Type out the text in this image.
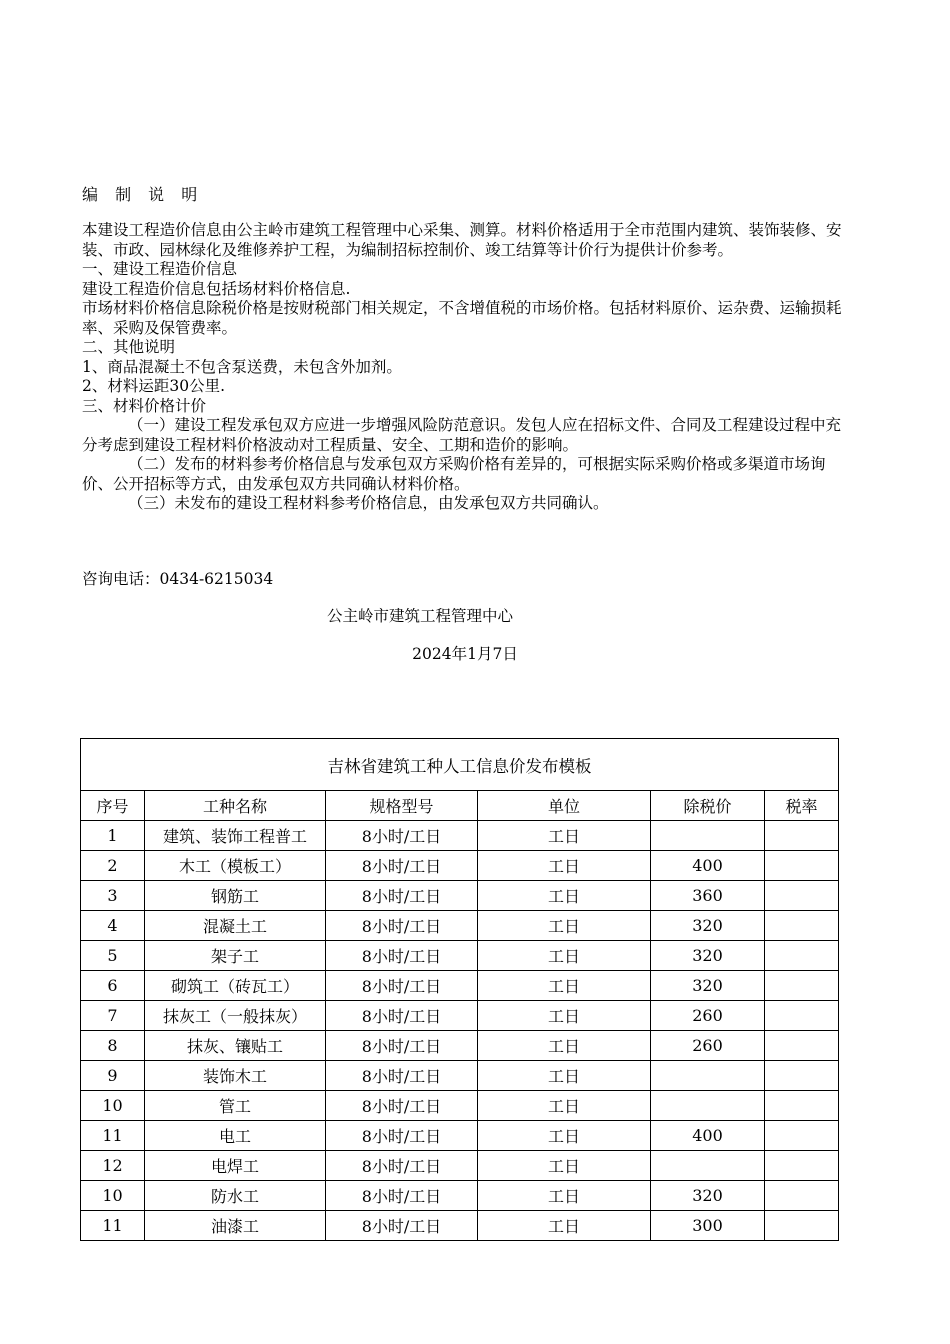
编 制 说 明
本建设工程造价信息由公主岭市建筑工程管理中心采集、测算。材料价格适用于全市范围内建筑、装饰装修、安装、市政、园林绿化及维修养护工程，为编制招标控制价、竣工结算等计价行为提供计价参考。
一、建设工程造价信息
建设工程造价信息包括场材料价格信息.
市场材料价格信息除税价格是按财税部门相关规定，不含增值税的市场价格。包括材料原价、运杂费、运输损耗率、采购及保管费率。
二、其他说明
1、商品混凝土不包含泵送费，未包含外加剂。
2、材料运距30公里.
三、材料价格计价
（一）建设工程发承包双方应进一步增强风险防范意识。发包人应在招标文件、合同及工程建设过程中充分考虑到建设工程材料价格波动对工程质量、安全、工期和造价的影响。
（二）发布的材料参考价格信息与发承包双方采购价格有差异的，可根据实际采购价格或多渠道市场询价、公开招标等方式，由发承包双方共同确认材料价格。
（三）未发布的建设工程材料参考价格信息，由发承包双方共同确认。
咨询电话：0434-6215034
公主岭市建筑工程管理中心
2024年1月7日
吉林省建筑工种人工信息价发布模板					
序号	工种名称	规格型号	单位	除税价	税率
1	建筑、装饰工程普工	8小时/工日	工日		
2	木工（模板工）	8小时/工日	工日	400	
3	钢筋工	8小时/工日	工日	360	
4	混凝土工	8小时/工日	工日	320	
5	架子工	8小时/工日	工日	320	
6	砌筑工（砖瓦工）	8小时/工日	工日	320	
7	抹灰工（一般抹灰）	8小时/工日	工日	260	
8	抹灰、镶贴工	8小时/工日	工日	260	
9	装饰木工	8小时/工日	工日		
10	管工	8小时/工日	工日		
11	电工	8小时/工日	工日	400	
12	电焊工	8小时/工日	工日		
10	防水工	8小时/工日	工日	320	
11	油漆工	8小时/工日	工日	300	
